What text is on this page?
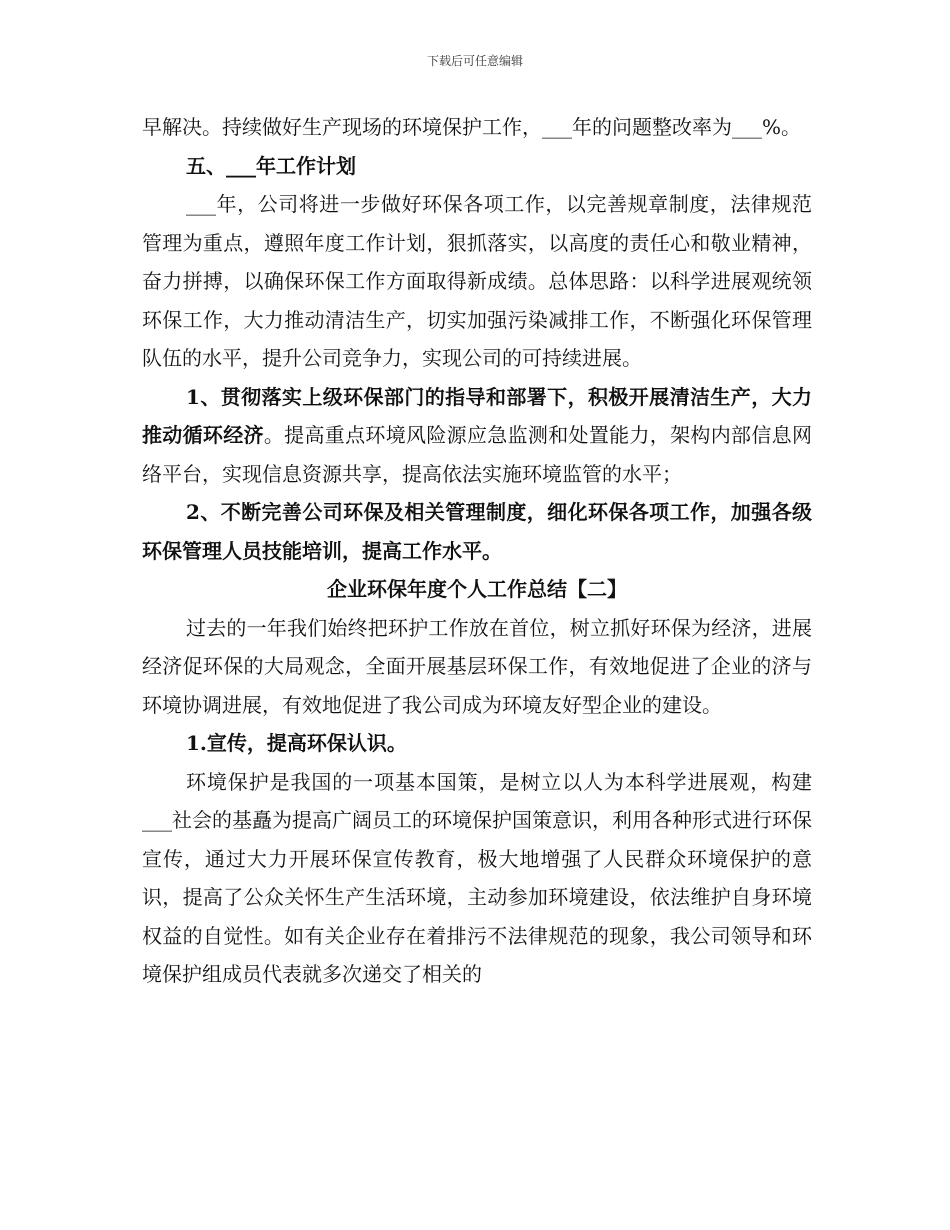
下载后可任意编辑

早解决。持续做好生产现场的环境保护工作，___年的问题整改率为___%。

五、___年工作计划

___年，公司将进一步做好环保各项工作，以完善规章制度，法律规范管理为重点，遵照年度工作计划，狠抓落实，以高度的责任心和敬业精神，奋力拼搏，以确保环保工作方面取得新成绩。总体思路：以科学进展观统领环保工作，大力推动清洁生产，切实加强污染减排工作，不断强化环保管理队伍的水平，提升公司竞争力，实现公司的可持续进展。

1、贯彻落实上级环保部门的指导和部署下，积极开展清洁生产，大力推动循环经济。提高重点环境风险源应急监测和处置能力，架构内部信息网络平台，实现信息资源共享，提高依法实施环境监管的水平；

2、不断完善公司环保及相关管理制度，细化环保各项工作，加强各级环保管理人员技能培训，提高工作水平。

企业环保年度个人工作总结【二】

过去的一年我们始终把环护工作放在首位，树立抓好环保为经济，进展经济促环保的大局观念，全面开展基层环保工作，有效地促进了企业的济与环境协调进展，有效地促进了我公司成为环境友好型企业的建设。

1.宣传，提高环保认识。

环境保护是我国的一项基本国策，是树立以人为本科学进展观，构建___社会的基矗为提高广阔员工的环境保护国策意识，利用各种形式进行环保宣传，通过大力开展环保宣传教育，极大地增强了人民群众环境保护的意识，提高了公众关怀生产生活环境，主动参加环境建设，依法维护自身环境权益的自觉性。如有关企业存在着排污不法律规范的现象，我公司领导和环境保护组成员代表就多次递交了相关的
